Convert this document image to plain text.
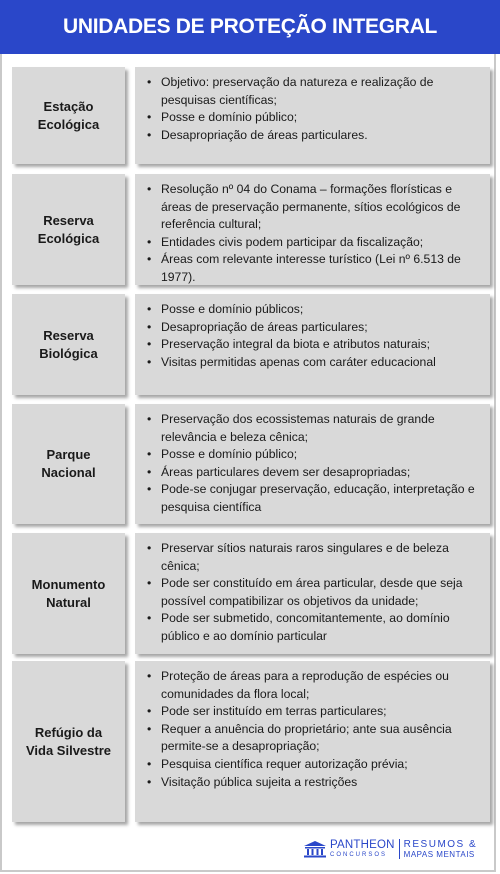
UNIDADES DE PROTEÇÃO INTEGRAL
Estação
Ecológica
• Objetivo: preservação da natureza e realização de pesquisas científicas;
• Posse e domínio público;
• Desapropriação de áreas particulares.
Reserva
Ecológica
• Resolução nº 04 do Conama – formações florísticas e áreas de preservação permanente, sítios ecológicos de referência cultural;
• Entidades civis podem participar da fiscalização;
• Áreas com relevante interesse turístico (Lei nº 6.513 de 1977).
Reserva
Biológica
• Posse e domínio públicos;
• Desapropriação de áreas particulares;
• Preservação integral da biota e atributos naturais;
• Visitas permitidas apenas com caráter educacional
Parque
Nacional
• Preservação dos ecossistemas naturais de grande relevância e beleza cênica;
• Posse e domínio público;
• Áreas particulares devem ser desapropriadas;
• Pode-se conjugar preservação, educação, interpretação e pesquisa científica
Monumento
Natural
• Preservar sítios naturais raros singulares e de beleza cênica;
• Pode ser constituído em área particular, desde que seja possível compatibilizar os objetivos da unidade;
• Pode ser submetido, concomitantemente, ao domínio público e ao domínio particular
Refúgio da
Vida Silvestre
• Proteção de áreas para a reprodução de espécies ou comunidades da flora local;
• Pode ser instituído em terras particulares;
• Requer a anuência do proprietário; ante sua ausência permite-se a desapropriação;
• Pesquisa científica requer autorização prévia;
• Visitação pública sujeita a restrições
PANTHEON
CONCURSOS
RESUMOS &
MAPAS MENTAIS
